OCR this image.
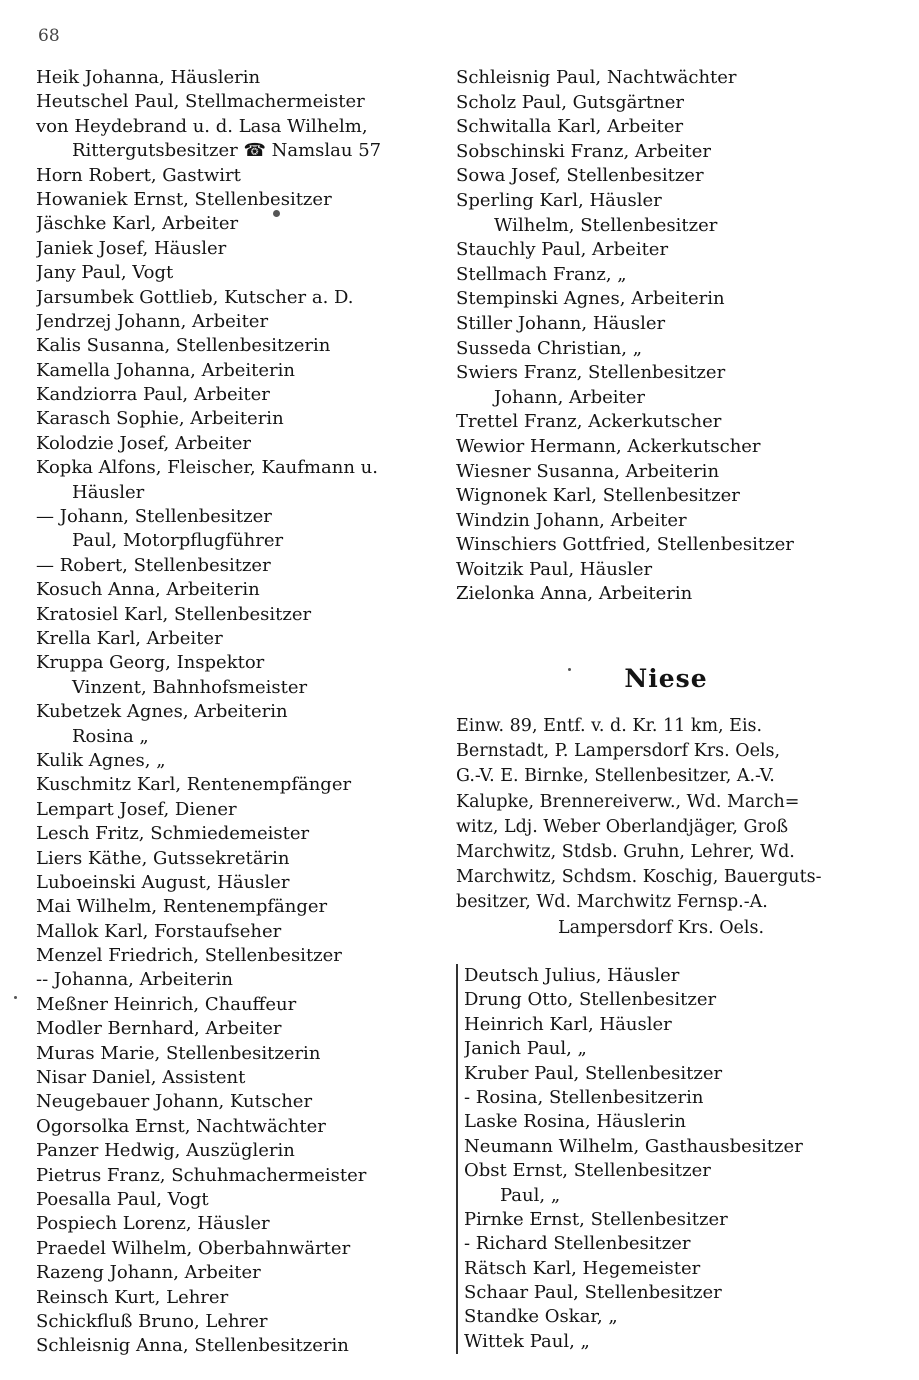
68
Heik Johanna, Häuslerin
Heutschel Paul, Stellmachermeister
von Heydebrand u. d. Lasa Wilhelm,
Rittergutsbesitzer ☎ Namslau 57
Horn Robert, Gastwirt
Howaniek Ernst, Stellenbesitzer
Jäschke Karl, Arbeiter
Janiek Josef, Häusler
Jany Paul, Vogt
Jarsumbek Gottlieb, Kutscher a. D.
Jendrzej Johann, Arbeiter
Kalis Susanna, Stellenbesitzerin
Kamella Johanna, Arbeiterin
Kandziorra Paul, Arbeiter
Karasch Sophie, Arbeiterin
Kolodzie Josef, Arbeiter
Kopka Alfons, Fleischer, Kaufmann u.
Häusler
— Johann, Stellenbesitzer
Paul, Motorpflugführer
— Robert, Stellenbesitzer
Kosuch Anna, Arbeiterin
Kratosiel Karl, Stellenbesitzer
Krella Karl, Arbeiter
Kruppa Georg, Inspektor
Vinzent, Bahnhofsmeister
Kubetzek Agnes, Arbeiterin
Rosina „
Kulik Agnes, „
Kuschmitz Karl, Rentenempfänger
Lempart Josef, Diener
Lesch Fritz, Schmiedemeister
Liers Käthe, Gutssekretärin
Luboeinski August, Häusler
Mai Wilhelm, Rentenempfänger
Mallok Karl, Forstaufseher
Menzel Friedrich, Stellenbesitzer
-- Johanna, Arbeiterin
Meßner Heinrich, Chauffeur
Modler Bernhard, Arbeiter
Muras Marie, Stellenbesitzerin
Nisar Daniel, Assistent
Neugebauer Johann, Kutscher
Ogorsolka Ernst, Nachtwächter
Panzer Hedwig, Auszüglerin
Pietrus Franz, Schuhmachermeister
Poesalla Paul, Vogt
Pospiech Lorenz, Häusler
Praedel Wilhelm, Oberbahnwärter
Razeng Johann, Arbeiter
Reinsch Kurt, Lehrer
Schickfluß Bruno, Lehrer
Schleisnig Anna, Stellenbesitzerin
Schleisnig Paul, Nachtwächter
Scholz Paul, Gutsgärtner
Schwitalla Karl, Arbeiter
Sobschinski Franz, Arbeiter
Sowa Josef, Stellenbesitzer
Sperling Karl, Häusler
Wilhelm, Stellenbesitzer
Stauchly Paul, Arbeiter
Stellmach Franz, „
Stempinski Agnes, Arbeiterin
Stiller Johann, Häusler
Susseda Christian, „
Swiers Franz, Stellenbesitzer
Johann, Arbeiter
Trettel Franz, Ackerkutscher
Wewior Hermann, Ackerkutscher
Wiesner Susanna, Arbeiterin
Wignonek Karl, Stellenbesitzer
Windzin Johann, Arbeiter
Winschiers Gottfried, Stellenbesitzer
Woitzik Paul, Häusler
Zielonka Anna, Arbeiterin
Niese
Einw. 89, Entf. v. d. Kr. 11 km, Eis.
Bernstadt, P. Lampersdorf Krs. Oels,
G.-V. E. Birnke, Stellenbesitzer, A.-V.
Kalupke, Brennereiverw., Wd. March=
witz, Ldj. Weber Oberlandjäger, Groß
Marchwitz, Stdsb. Gruhn, Lehrer, Wd.
Marchwitz, Schdsm. Koschig, Bauerguts-
besitzer, Wd. Marchwitz Fernsp.-A.
Lampersdorf Krs. Oels.
Deutsch Julius, Häusler
Drung Otto, Stellenbesitzer
Heinrich Karl, Häusler
Janich Paul, „
Kruber Paul, Stellenbesitzer
- Rosina, Stellenbesitzerin
Laske Rosina, Häuslerin
Neumann Wilhelm, Gasthausbesitzer
Obst Ernst, Stellenbesitzer
Paul, „
Pirnke Ernst, Stellenbesitzer
- Richard Stellenbesitzer
Rätsch Karl, Hegemeister
Schaar Paul, Stellenbesitzer
Standke Oskar, „
Wittek Paul, „
